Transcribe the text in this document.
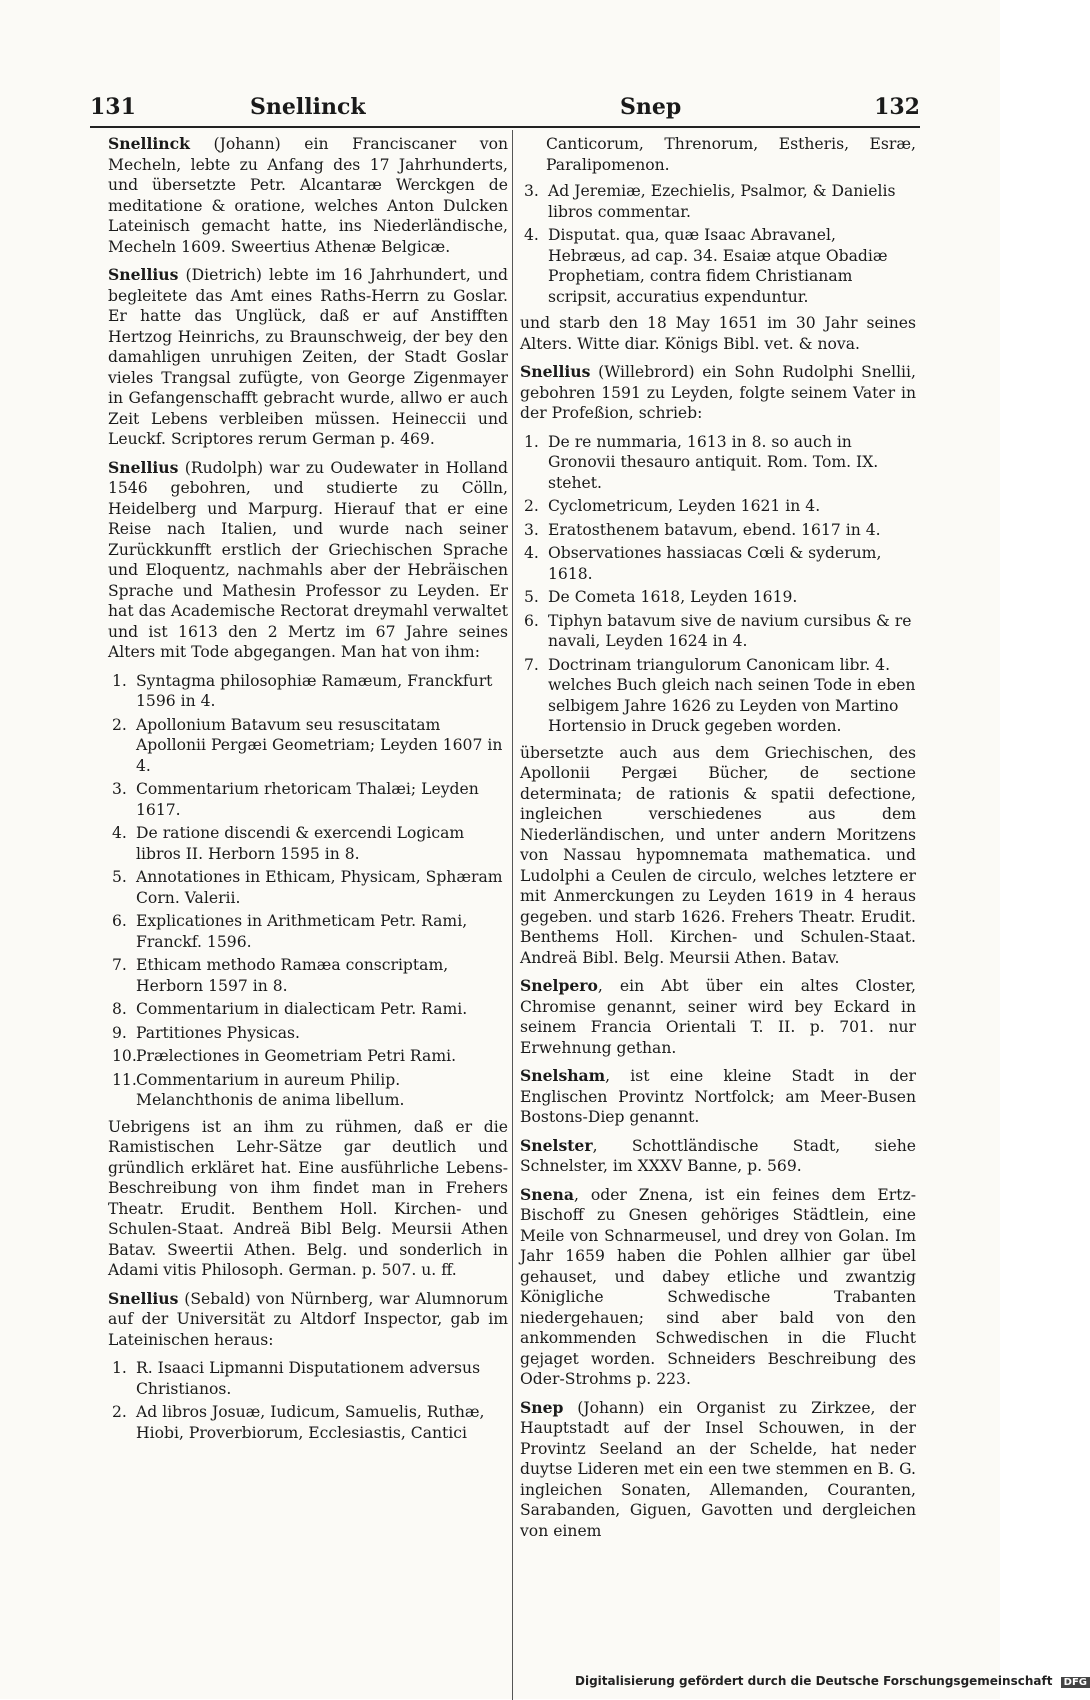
131	Snellinck	Snep	132

Snellinck (Johann) ein Franciscaner von Mecheln, lebte zu Anfang des 17 Jahrhunderts, und übersetzte Petr. Alcantaræ Werckgen de meditatione & oratione, welches Anton Dulcken Lateinisch gemacht hatte, ins Niederländische, Mecheln 1609. Sweertius Athenæ Belgicæ.

Snellius (Dietrich) lebte im 16 Jahrhundert, und begleitete das Amt eines Raths-Herrn zu Goslar. Er hatte das Unglück, daß er auf Anstifften Hertzog Heinrichs, zu Braunschweig, der bey den damahligen unruhigen Zeiten, der Stadt Goslar vieles Trangsal zufügte, von George Zigenmayer in Gefangenschafft gebracht wurde, allwo er auch Zeit Lebens verbleiben müssen. Heineccii und Leuckf. Scriptores rerum German p. 469.

Snellius (Rudolph) war zu Oudewater in Holland 1546 gebohren, und studierte zu Cölln, Heidelberg und Marpurg. Hierauf that er eine Reise nach Italien, und wurde nach seiner Zurückkunfft erstlich der Griechischen Sprache und Eloquentz, nachmahls aber der Hebräischen Sprache und Mathesin Professor zu Leyden. Er hat das Academische Rectorat dreymahl verwaltet und ist 1613 den 2 Mertz im 67 Jahre seines Alters mit Tode abgegangen. Man hat von ihm:

1. Syntagma philosophiæ Ramæum, Franckfurt 1596 in 4.
2. Apollonium Batavum seu resuscitatam Apollonii Pergæi Geometriam; Leyden 1607 in 4.
3. Commentarium rhetoricam Thalæi; Leyden 1617.
4. De ratione discendi & exercendi Logicam libros II. Herborn 1595 in 8.
5. Annotationes in Ethicam, Physicam, Sphæram Corn. Valerii.
6. Explicationes in Arithmeticam Petr. Rami, Franckf. 1596.
7. Ethicam methodo Ramæa conscriptam, Herborn 1597 in 8.
8. Commentarium in dialecticam Petr. Rami.
9. Partitiones Physicas.
10. Prælectiones in Geometriam Petri Rami.
11. Commentarium in aureum Philip. Melanchthonis de anima libellum.

Uebrigens ist an ihm zu rühmen, daß er die Ramistischen Lehr-Sätze gar deutlich und gründlich erkläret hat. Eine ausführliche Lebens-Beschreibung von ihm findet man in Frehers Theatr. Erudit. Benthem Holl. Kirchen- und Schulen-Staat. Andreä Bibl Belg. Meursii Athen Batav. Sweertii Athen. Belg. und sonderlich in Adami vitis Philosoph. German. p. 507. u. ff.

Snellius (Sebald) von Nürnberg, war Alumnorum auf der Universität zu Altdorf Inspector, gab im Lateinischen heraus:

1. R. Isaaci Lipmanni Disputationem adversus Christianos.
2. Ad libros Josuæ, Iudicum, Samuelis, Ruthæ, Hiobi, Proverbiorum, Ecclesiastis, Cantici

Canticorum, Threnorum, Estheris, Esræ, Paralipomenon.

3. Ad Jeremiæ, Ezechielis, Psalmor, & Danielis libros commentar.
4. Disputat. qua, quæ Isaac Abravanel, Hebræus, ad cap. 34. Esaiæ atque Obadiæ Prophetiam, contra fidem Christianam scripsit, accuratius expenduntur.

und starb den 18 May 1651 im 30 Jahr seines Alters. Witte diar. Königs Bibl. vet. & nova.

Snellius (Willebrord) ein Sohn Rudolphi Snellii, gebohren 1591 zu Leyden, folgte seinem Vater in der Profeßion, schrieb:

1. De re nummaria, 1613 in 8. so auch in Gronovii thesauro antiquit. Rom. Tom. IX. stehet.
2. Cyclometricum, Leyden 1621 in 4.
3. Eratosthenem batavum, ebend. 1617 in 4.
4. Observationes hassiacas Cœli & syderum, 1618.
5. De Cometa 1618, Leyden 1619.
6. Tiphyn batavum sive de navium cursibus & re navali, Leyden 1624 in 4.
7. Doctrinam triangulorum Canonicam libr. 4. welches Buch gleich nach seinen Tode in eben selbigem Jahre 1626 zu Leyden von Martino Hortensio in Druck gegeben worden.

übersetzte auch aus dem Griechischen, des Apollonii Pergæi Bücher, de sectione determinata; de rationis & spatii defectione, ingleichen verschiedenes aus dem Niederländischen, und unter andern Moritzens von Nassau hypomnemata mathematica. und Ludolphi a Ceulen de circulo, welches letztere er mit Anmerckungen zu Leyden 1619 in 4 heraus gegeben. und starb 1626. Frehers Theatr. Erudit. Benthems Holl. Kirchen- und Schulen-Staat. Andreä Bibl. Belg. Meursii Athen. Batav.

Snelpero, ein Abt über ein altes Closter, Chromise genannt, seiner wird bey Eckard in seinem Francia Orientali T. II. p. 701. nur Erwehnung gethan.

Snelsham, ist eine kleine Stadt in der Englischen Provintz Nortfolck; am Meer-Busen Bostons-Diep genannt.

Snelster, Schottländische Stadt, siehe Schnelster, im XXXV Banne, p. 569.

Snena, oder Znena, ist ein feines dem Ertz-Bischoff zu Gnesen gehöriges Städtlein, eine Meile von Schnarmeusel, und drey von Golan. Im Jahr 1659 haben die Pohlen allhier gar übel gehauset, und dabey etliche und zwantzig Königliche Schwedische Trabanten niedergehauen; sind aber bald von den ankommenden Schwedischen in die Flucht gejaget worden. Schneiders Beschreibung des Oder-Strohms p. 223.

Snep (Johann) ein Organist zu Zirkzee, der Hauptstadt auf der Insel Schouwen, in der Provintz Seeland an der Schelde, hat neder duytse Lideren met ein een twe stemmen en B. G. ingleichen Sonaten, Allemanden, Couranten, Sarabanden, Giguen, Gavotten und dergleichen von einem

Digitalisierung gefördert durch die Deutsche Forschungsgemeinschaft DFG
